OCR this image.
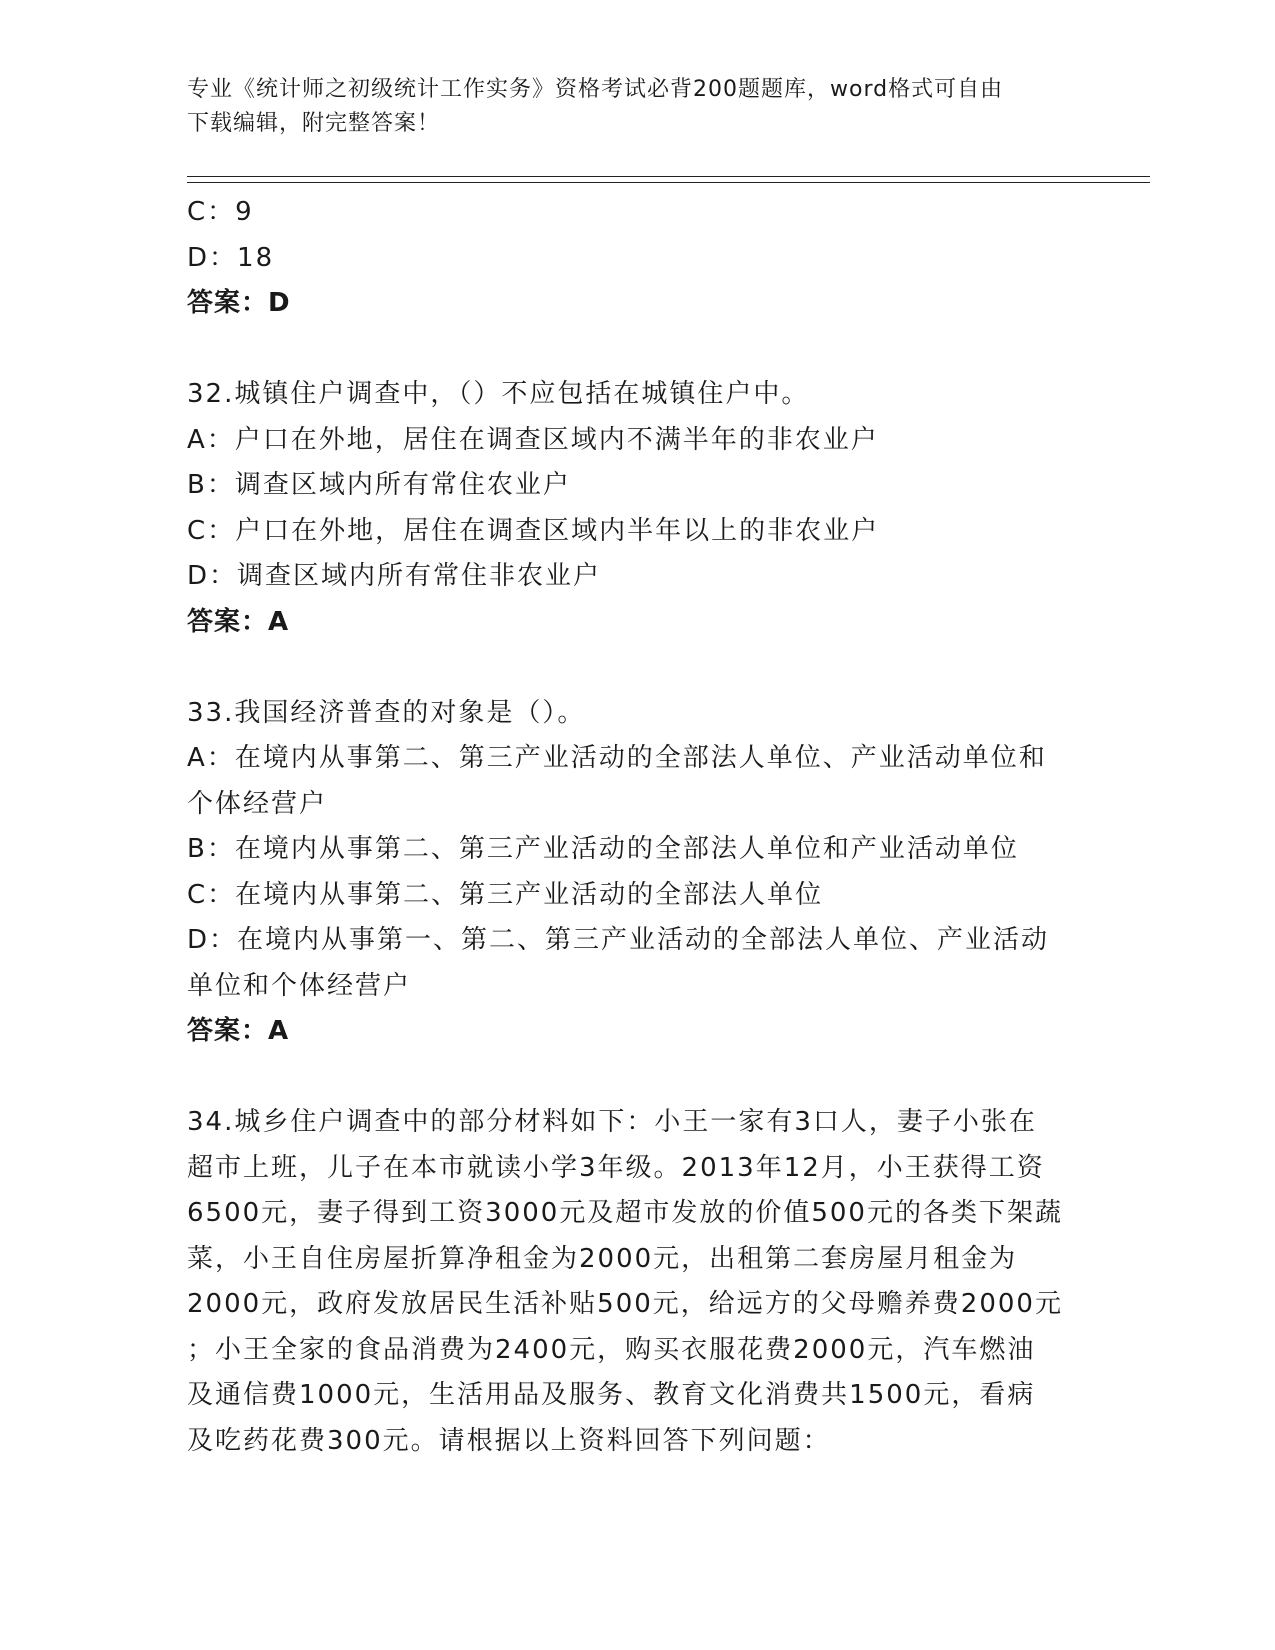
专业《统计师之初级统计工作实务》资格考试必背200题题库，word格式可自由
下载编辑，附完整答案！
C：9
D：18
答案：D
32.城镇住户调查中，（）不应包括在城镇住户中。
A：户口在外地，居住在调查区域内不满半年的非农业户
B：调查区域内所有常住农业户
C：户口在外地，居住在调查区域内半年以上的非农业户
D：调查区域内所有常住非农业户
答案：A
33.我国经济普查的对象是（）。
A：在境内从事第二、第三产业活动的全部法人单位、产业活动单位和
个体经营户
B：在境内从事第二、第三产业活动的全部法人单位和产业活动单位
C：在境内从事第二、第三产业活动的全部法人单位
D：在境内从事第一、第二、第三产业活动的全部法人单位、产业活动
单位和个体经营户
答案：A
34.城乡住户调查中的部分材料如下：小王一家有3口人，妻子小张在
超市上班，儿子在本市就读小学3年级。2013年12月，小王获得工资
6500元，妻子得到工资3000元及超市发放的价值500元的各类下架蔬
菜，小王自住房屋折算净租金为2000元，出租第二套房屋月租金为
2000元，政府发放居民生活补贴500元，给远方的父母赡养费2000元
；小王全家的食品消费为2400元，购买衣服花费2000元，汽车燃油
及通信费1000元，生活用品及服务、教育文化消费共1500元，看病
及吃药花费300元。请根据以上资料回答下列问题：
